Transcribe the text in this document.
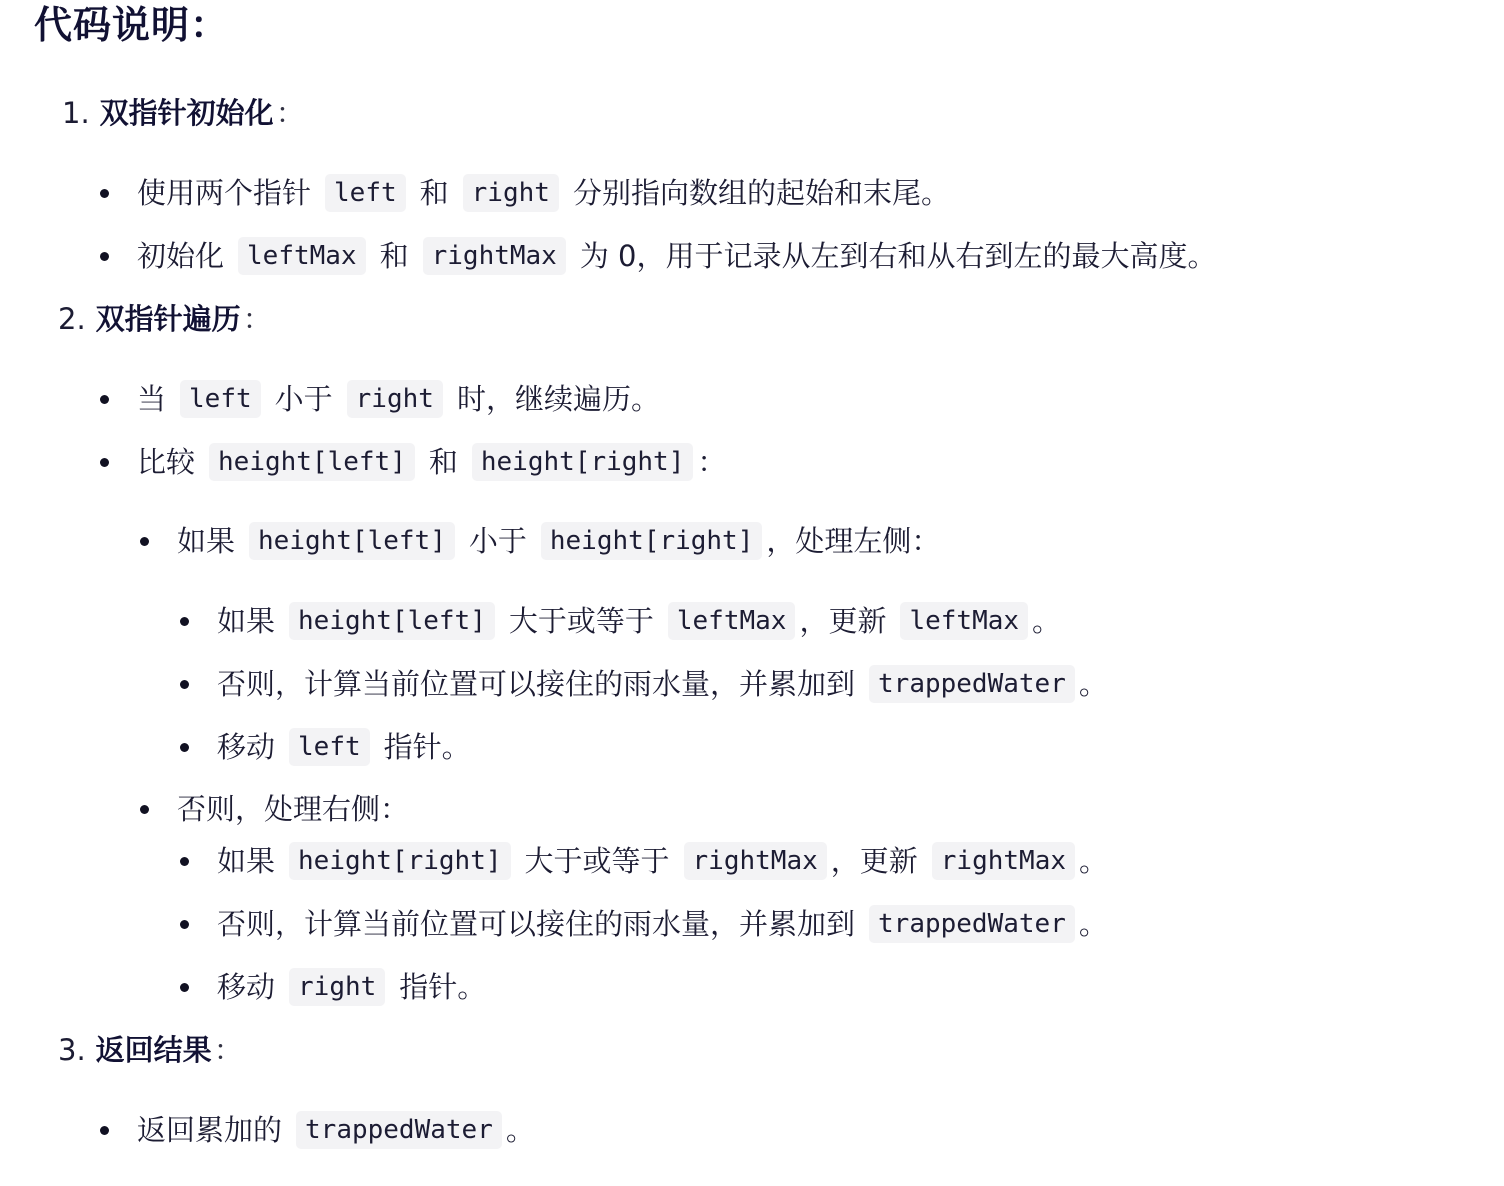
代码说明：
1. 双指针初始化 ：
使用两个指针 left 和 right 分别指向数组的起始和末尾。
初始化 leftMax 和 rightMax 为 0，用于记录从左到右和从右到左的最大高度。
2. 双指针遍历 ：
当 left 小于 right 时，继续遍历。
比较 height[left] 和 height[right] ：
如果 height[left] 小于 height[right] ，处理左侧：
如果 height[left] 大于或等于 leftMax ，更新 leftMax 。
否则，计算当前位置可以接住的雨水量，并累加到 trappedWater 。
移动 left 指针。
否则，处理右侧：
如果 height[right] 大于或等于 rightMax ，更新 rightMax 。
否则，计算当前位置可以接住的雨水量，并累加到 trappedWater 。
移动 right 指针。
3. 返回结果 ：
返回累加的 trappedWater 。
